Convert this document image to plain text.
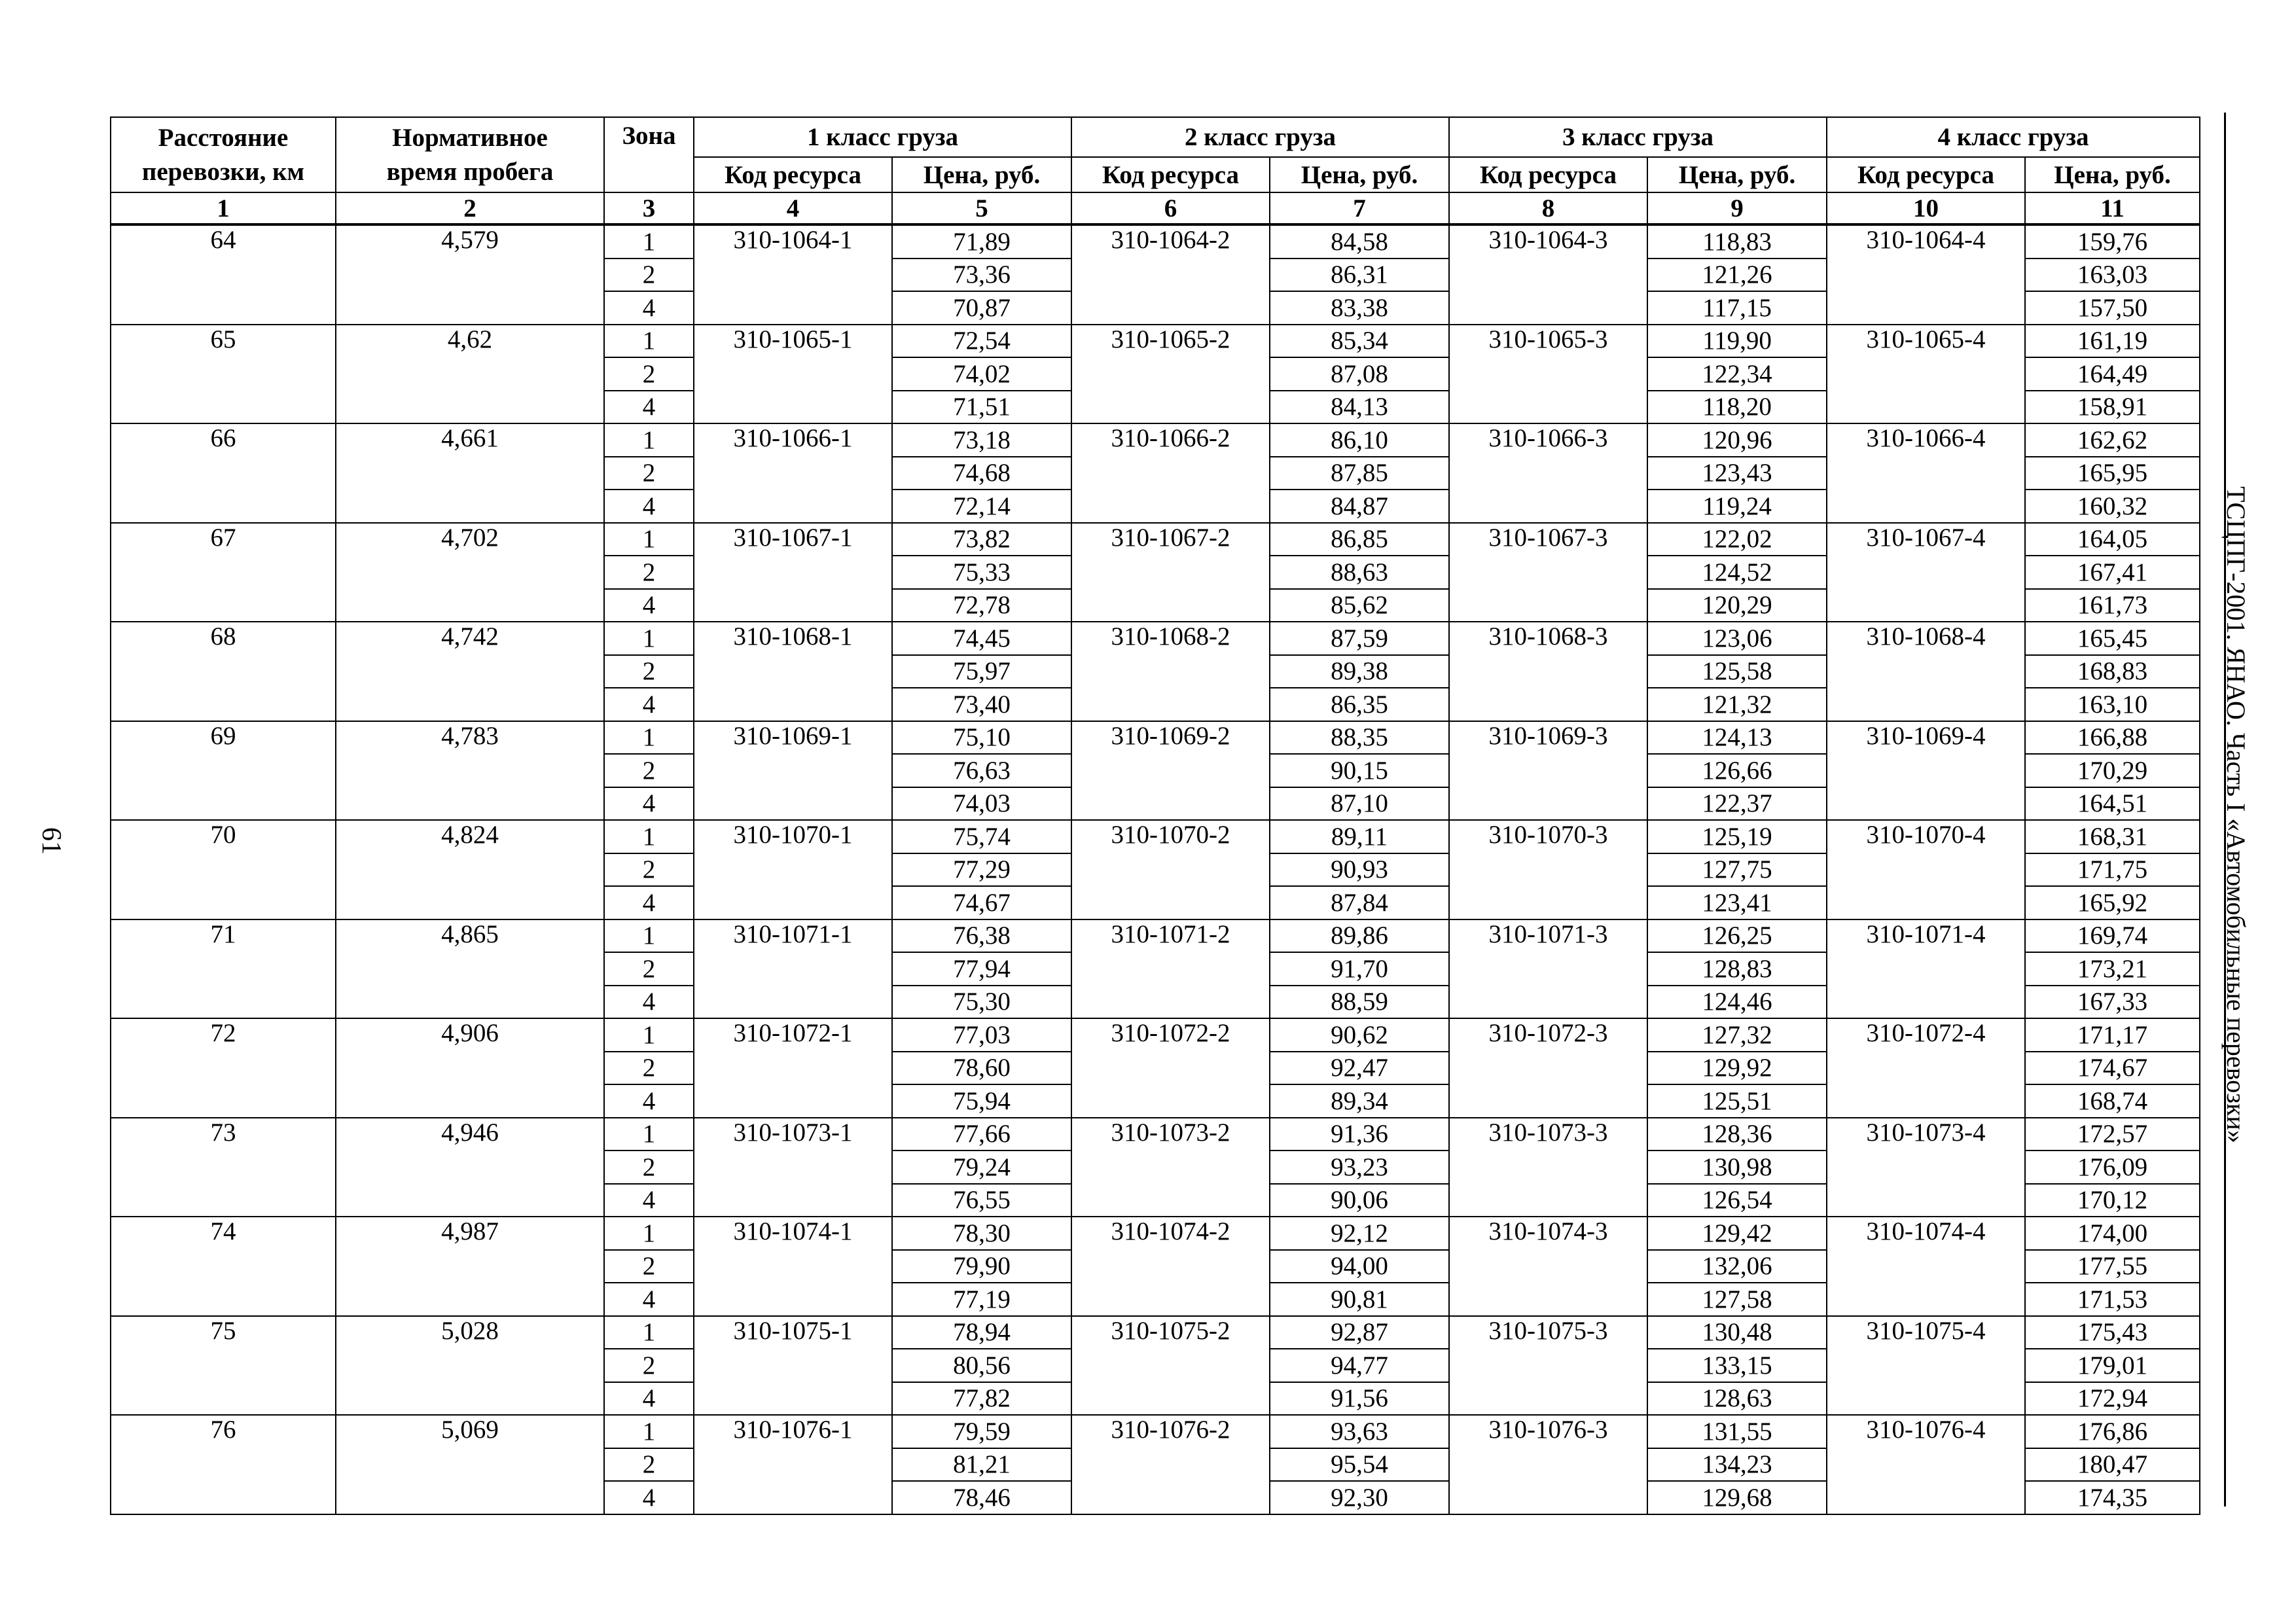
61
Расстояние перевозки, км	Нормативное время пробега	Зона	1 класс груза		2 класс груза		3 класс груза		4 класс груза	
			Код ресурса	Цена, руб.	Код ресурса	Цена, руб.	Код ресурса	Цена, руб.	Код ресурса	Цена, руб.
1	2	3	4	5	6	7	8	9	10	11
64	4,579	1	310-1064-1	71,89	310-1064-2	84,58	310-1064-3	118,83	310-1064-4	159,76
		2		73,36		86,31		121,26		163,03
		4		70,87		83,38		117,15		157,50
65	4,62	1	310-1065-1	72,54	310-1065-2	85,34	310-1065-3	119,90	310-1065-4	161,19
		2		74,02		87,08		122,34		164,49
		4		71,51		84,13		118,20		158,91
66	4,661	1	310-1066-1	73,18	310-1066-2	86,10	310-1066-3	120,96	310-1066-4	162,62
		2		74,68		87,85		123,43		165,95
		4		72,14		84,87		119,24		160,32
67	4,702	1	310-1067-1	73,82	310-1067-2	86,85	310-1067-3	122,02	310-1067-4	164,05
		2		75,33		88,63		124,52		167,41
		4		72,78		85,62		120,29		161,73
68	4,742	1	310-1068-1	74,45	310-1068-2	87,59	310-1068-3	123,06	310-1068-4	165,45
		2		75,97		89,38		125,58		168,83
		4		73,40		86,35		121,32		163,10
69	4,783	1	310-1069-1	75,10	310-1069-2	88,35	310-1069-3	124,13	310-1069-4	166,88
		2		76,63		90,15		126,66		170,29
		4		74,03		87,10		122,37		164,51
70	4,824	1	310-1070-1	75,74	310-1070-2	89,11	310-1070-3	125,19	310-1070-4	168,31
		2		77,29		90,93		127,75		171,75
		4		74,67		87,84		123,41		165,92
71	4,865	1	310-1071-1	76,38	310-1071-2	89,86	310-1071-3	126,25	310-1071-4	169,74
		2		77,94		91,70		128,83		173,21
		4		75,30		88,59		124,46		167,33
72	4,906	1	310-1072-1	77,03	310-1072-2	90,62	310-1072-3	127,32	310-1072-4	171,17
		2		78,60		92,47		129,92		174,67
		4		75,94		89,34		125,51		168,74
73	4,946	1	310-1073-1	77,66	310-1073-2	91,36	310-1073-3	128,36	310-1073-4	172,57
		2		79,24		93,23		130,98		176,09
		4		76,55		90,06		126,54		170,12
74	4,987	1	310-1074-1	78,30	310-1074-2	92,12	310-1074-3	129,42	310-1074-4	174,00
		2		79,90		94,00		132,06		177,55
		4		77,19		90,81		127,58		171,53
75	5,028	1	310-1075-1	78,94	310-1075-2	92,87	310-1075-3	130,48	310-1075-4	175,43
		2		80,56		94,77		133,15		179,01
		4		77,82		91,56		128,63		172,94
76	5,069	1	310-1076-1	79,59	310-1076-2	93,63	310-1076-3	131,55	310-1076-4	176,86
		2		81,21		95,54		134,23		180,47
		4		78,46		92,30		129,68		174,35
ТСЦПГ-2001. ЯНАО. Часть I «Автомобильные перевозки»
